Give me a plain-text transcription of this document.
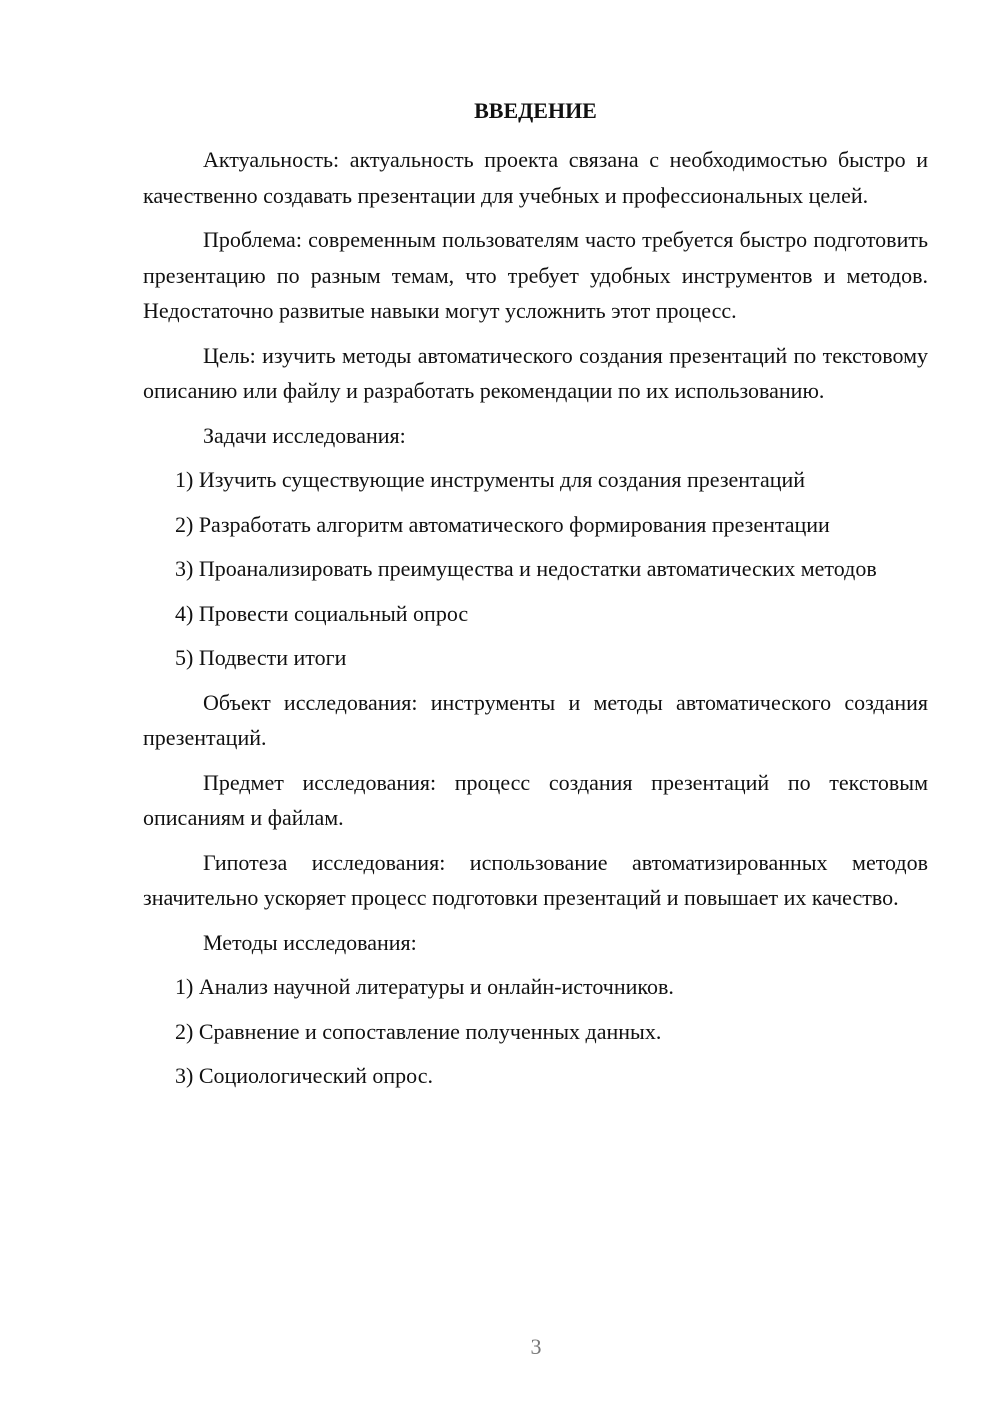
ВВЕДЕНИЕ

Актуальность: актуальность проекта связана с необходимостью быстро и качественно создавать презентации для учебных и профессиональных целей.

Проблема: современным пользователям часто требуется быстро подготовить презентацию по разным темам, что требует удобных инструментов и методов. Недостаточно развитые навыки могут усложнить этот процесс.

Цель: изучить методы автоматического создания презентаций по текстовому описанию или файлу и разработать рекомендации по их использованию.

Задачи исследования:

1) Изучить существующие инструменты для создания презентаций

2) Разработать алгоритм автоматического формирования презентации

3) Проанализировать преимущества и недостатки автоматических методов

4) Провести социальный опрос

5) Подвести итоги

Объект исследования: инструменты и методы автоматического создания презентаций.

Предмет исследования: процесс создания презентаций по текстовым описаниям и файлам.

Гипотеза исследования: использование автоматизированных методов значительно ускоряет процесс подготовки презентаций и повышает их качество.

Методы исследования:

1) Анализ научной литературы и онлайн-источников.

2) Сравнение и сопоставление полученных данных.

3) Социологический опрос.

3
